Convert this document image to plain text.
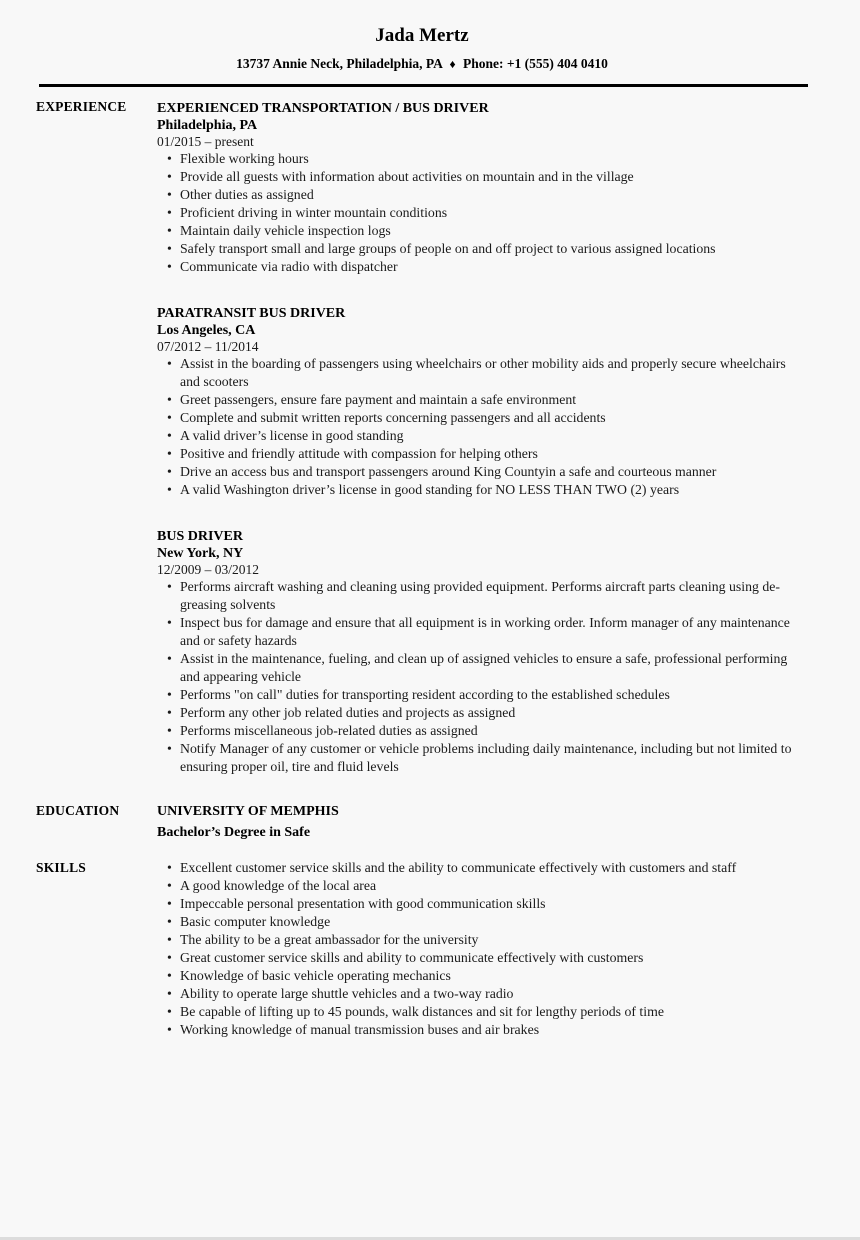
Jada Mertz
13737 Annie Neck, Philadelphia, PA ♦ Phone: +1 (555) 404 0410
EXPERIENCE	EXPERIENCED TRANSPORTATION / BUS DRIVER
Philadelphia, PA
01/2015 – present
• Flexible working hours
• Provide all guests with information about activities on mountain and in the village
• Other duties as assigned
• Proficient driving in winter mountain conditions
• Maintain daily vehicle inspection logs
• Safely transport small and large groups of people on and off project to various assigned locations
• Communicate via radio with dispatcher
PARATRANSIT BUS DRIVER
Los Angeles, CA
07/2012 – 11/2014
• Assist in the boarding of passengers using wheelchairs or other mobility aids and properly secure wheelchairs and scooters
• Greet passengers, ensure fare payment and maintain a safe environment
• Complete and submit written reports concerning passengers and all accidents
• A valid driver’s license in good standing
• Positive and friendly attitude with compassion for helping others
• Drive an access bus and transport passengers around King Countyin a safe and courteous manner
• A valid Washington driver’s license in good standing for NO LESS THAN TWO (2) years
BUS DRIVER
New York, NY
12/2009 – 03/2012
• Performs aircraft washing and cleaning using provided equipment. Performs aircraft parts cleaning using de-greasing solvents
• Inspect bus for damage and ensure that all equipment is in working order. Inform manager of any maintenance and or safety hazards
• Assist in the maintenance, fueling, and clean up of assigned vehicles to ensure a safe, professional performing and appearing vehicle
• Performs "on call" duties for transporting resident according to the established schedules
• Perform any other job related duties and projects as assigned
• Performs miscellaneous job-related duties as assigned
• Notify Manager of any customer or vehicle problems including daily maintenance, including but not limited to ensuring proper oil, tire and fluid levels
EDUCATION	UNIVERSITY OF MEMPHIS
Bachelor’s Degree in Safe
SKILLS	• Excellent customer service skills and the ability to communicate effectively with customers and staff
• A good knowledge of the local area
• Impeccable personal presentation with good communication skills
• Basic computer knowledge
• The ability to be a great ambassador for the university
• Great customer service skills and ability to communicate effectively with customers
• Knowledge of basic vehicle operating mechanics
• Ability to operate large shuttle vehicles and a two-way radio
• Be capable of lifting up to 45 pounds, walk distances and sit for lengthy periods of time
• Working knowledge of manual transmission buses and air brakes
